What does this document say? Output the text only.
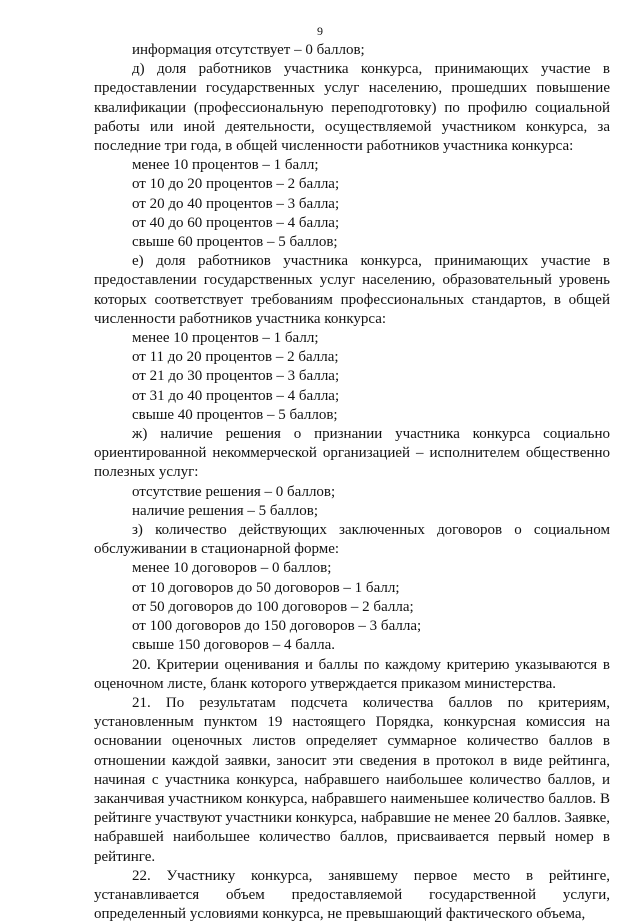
9

информация отсутствует – 0 баллов;

д) доля работников участника конкурса, принимающих участие в предоставлении государственных услуг населению, прошедших повышение квалификации (профессиональную переподготовку) по профилю социальной работы или иной деятельности, осуществляемой участником конкурса, за последние три года, в общей численности работников участника конкурса:

менее 10 процентов – 1 балл;

от 10 до 20 процентов – 2 балла;

от 20 до 40 процентов – 3 балла;

от 40 до 60 процентов – 4 балла;

свыше 60 процентов – 5 баллов;

е) доля работников участника конкурса, принимающих участие в предоставлении государственных услуг населению, образовательный уровень которых соответствует требованиям профессиональных стандартов, в общей численности работников участника конкурса:

менее 10 процентов – 1 балл;

от 11 до 20 процентов – 2 балла;

от 21 до 30 процентов – 3 балла;

от 31 до 40 процентов – 4 балла;

свыше 40 процентов – 5 баллов;

ж) наличие решения о признании участника конкурса социально ориентированной некоммерческой организацией – исполнителем общественно полезных услуг:

отсутствие решения – 0 баллов;

наличие решения – 5 баллов;

з) количество действующих заключенных договоров о социальном обслуживании в стационарной форме:

менее 10 договоров – 0 баллов;

от 10 договоров до 50 договоров – 1 балл;

от 50 договоров до 100 договоров – 2 балла;

от 100 договоров до 150 договоров – 3 балла;

свыше 150 договоров – 4 балла.

20. Критерии оценивания и баллы по каждому критерию указываются в оценочном листе, бланк которого утверждается приказом министерства.

21. По результатам подсчета количества баллов по критериям, установленным пунктом 19 настоящего Порядка, конкурсная комиссия на основании оценочных листов определяет суммарное количество баллов в отношении каждой заявки, заносит эти сведения в протокол в виде рейтинга, начиная с участника конкурса, набравшего наибольшее количество баллов, и заканчивая участником конкурса, набравшего наименьшее количество баллов. В рейтинге участвуют участники конкурса, набравшие не менее 20 баллов. Заявке, набравшей наибольшее количество баллов, присваивается первый номер в рейтинге.

22. Участнику конкурса, занявшему первое место в рейтинге, устанавливается объем предоставляемой государственной услуги, определенный условиями конкурса, не превышающий фактического объема,
